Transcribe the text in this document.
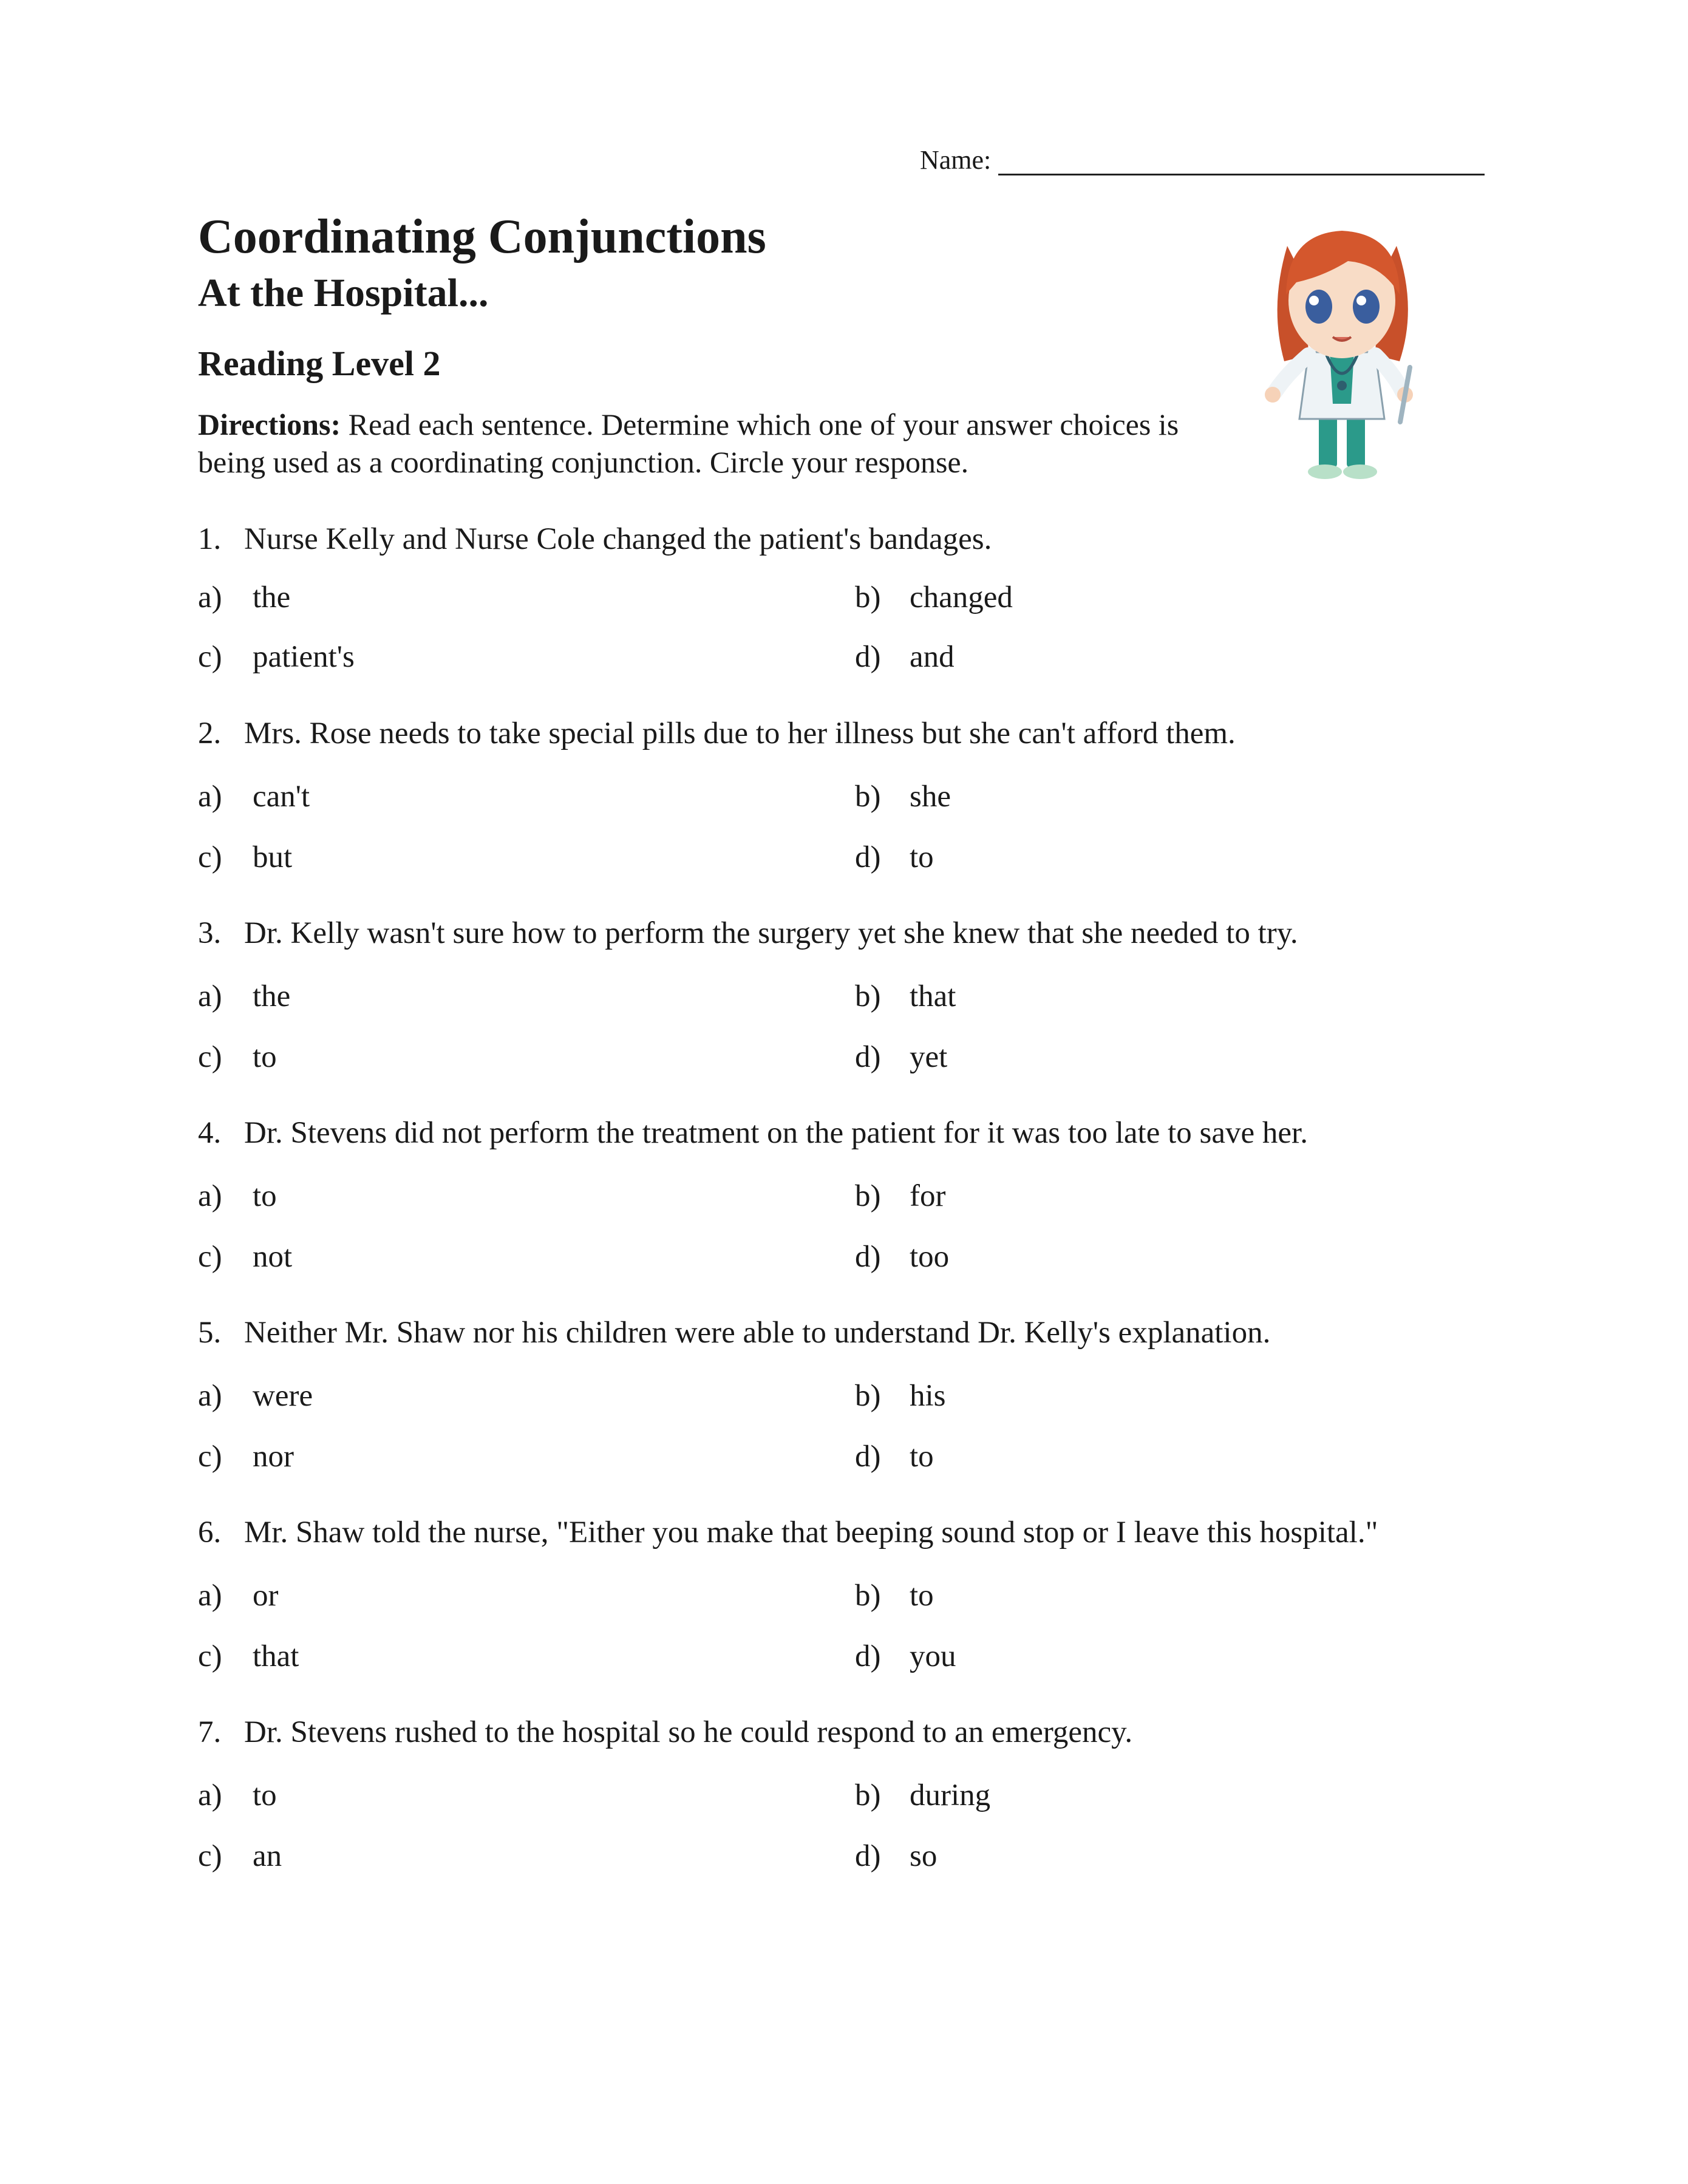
Name:
Coordinating Conjunctions
At the Hospital...
Reading Level 2

Directions: Read each sentence. Determine which one of your answer choices is being used as a coordinating conjunction. Circle your response.

1. Nurse Kelly and Nurse Cole changed the patient's bandages.
a) the	b) changed
c) patient's	d) and
2. Mrs. Rose needs to take special pills due to her illness but she can't afford them.
a) can't	b) she
c) but	d) to
3. Dr. Kelly wasn't sure how to perform the surgery yet she knew that she needed to try.
a) the	b) that
c) to	d) yet
4. Dr. Stevens did not perform the treatment on the patient for it was too late to save her.
a) to	b) for
c) not	d) too
5. Neither Mr. Shaw nor his children were able to understand Dr. Kelly's explanation.
a) were	b) his
c) nor	d) to
6. Mr. Shaw told the nurse, "Either you make that beeping sound stop or I leave this hospital."
a) or	b) to
c) that	d) you
7. Dr. Stevens rushed to the hospital so he could respond to an emergency.
a) to	b) during
c) an	d) so
